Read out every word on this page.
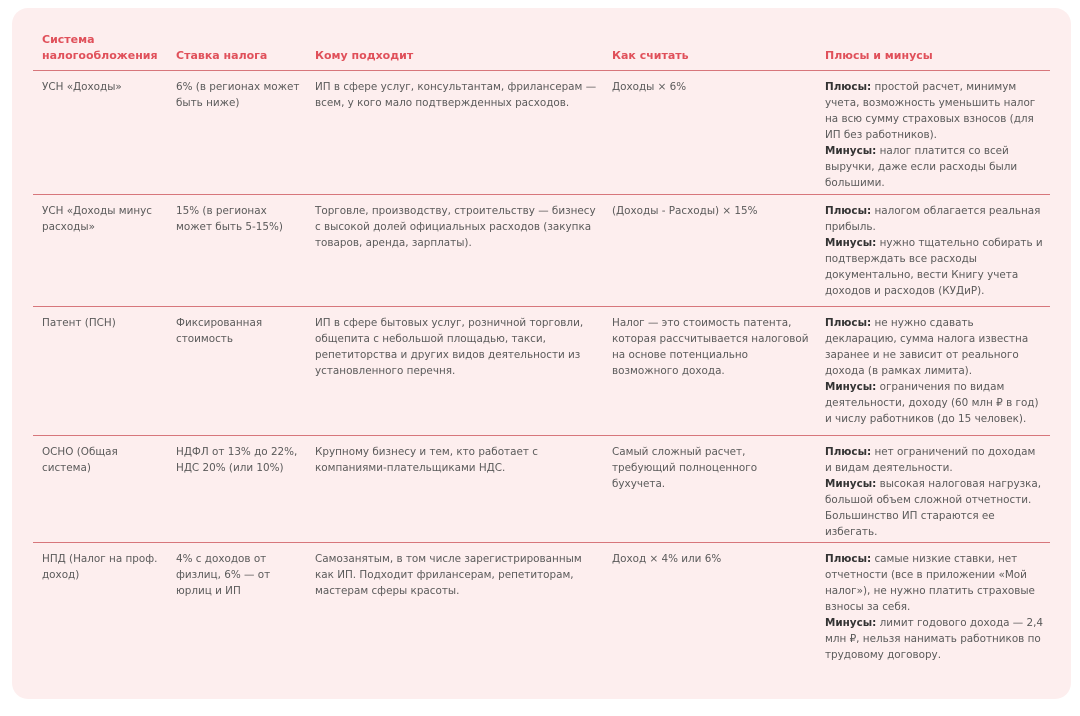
Система налогообложения	Ставка налога	Кому подходит	Как считать	Плюсы и минусы
УСН «Доходы»	6% (в регионах может быть ниже)	ИП в сфере услуг, консультантам, фрилансерам — всем, у кого мало подтвержденных расходов.	Доходы × 6%	Плюсы: простой расчет, минимум учета, возможность уменьшить налог на всю сумму страховых взносов (для ИП без работников).
Минусы: налог платится со всей выручки, даже если расходы были большими.

УСН «Доходы минус расходы»	15% (в регионах может быть 5-15%)	Торговле, производству, строительству — бизнесу с высокой долей официальных расходов (закупка товаров, аренда, зарплаты).	(Доходы - Расходы) × 15%	Плюсы: налогом облагается реальная прибыль.
Минусы: нужно тщательно собирать и подтверждать все расходы документально, вести Книгу учета доходов и расходов (КУДиР).

Патент (ПСН)	Фиксированная стоимость	ИП в сфере бытовых услуг, розничной торговли, общепита с небольшой площадью, такси, репетиторства и других видов деятельности из установленного перечня.	Налог — это стоимость патента, которая рассчитывается налоговой на основе потенциально возможного дохода.	Плюсы: не нужно сдавать декларацию, сумма налога известна заранее и не зависит от реального дохода (в рамках лимита).
Минусы: ограничения по видам деятельности, доходу (60 млн ₽ в год) и числу работников (до 15 человек).

ОСНО (Общая система)	НДФЛ от 13% до 22%, НДС 20% (или 10%)	Крупному бизнесу и тем, кто работает с компаниями-плательщиками НДС.	Самый сложный расчет, требующий полноценного бухучета.	Плюсы: нет ограничений по доходам и видам деятельности.
Минусы: высокая налоговая нагрузка, большой объем сложной отчетности. Большинство ИП стараются ее избегать.

НПД (Налог на проф. доход)	4% с доходов от физлиц, 6% — от юрлиц и ИП	Самозанятым, в том числе зарегистрированным как ИП. Подходит фрилансерам, репетиторам, мастерам сферы красоты.	Доход × 4% или 6%	Плюсы: самые низкие ставки, нет отчетности (все в приложении «Мой налог»), не нужно платить страховые взносы за себя.
Минусы: лимит годового дохода — 2,4 млн ₽, нельзя нанимать работников по трудовому договору.
